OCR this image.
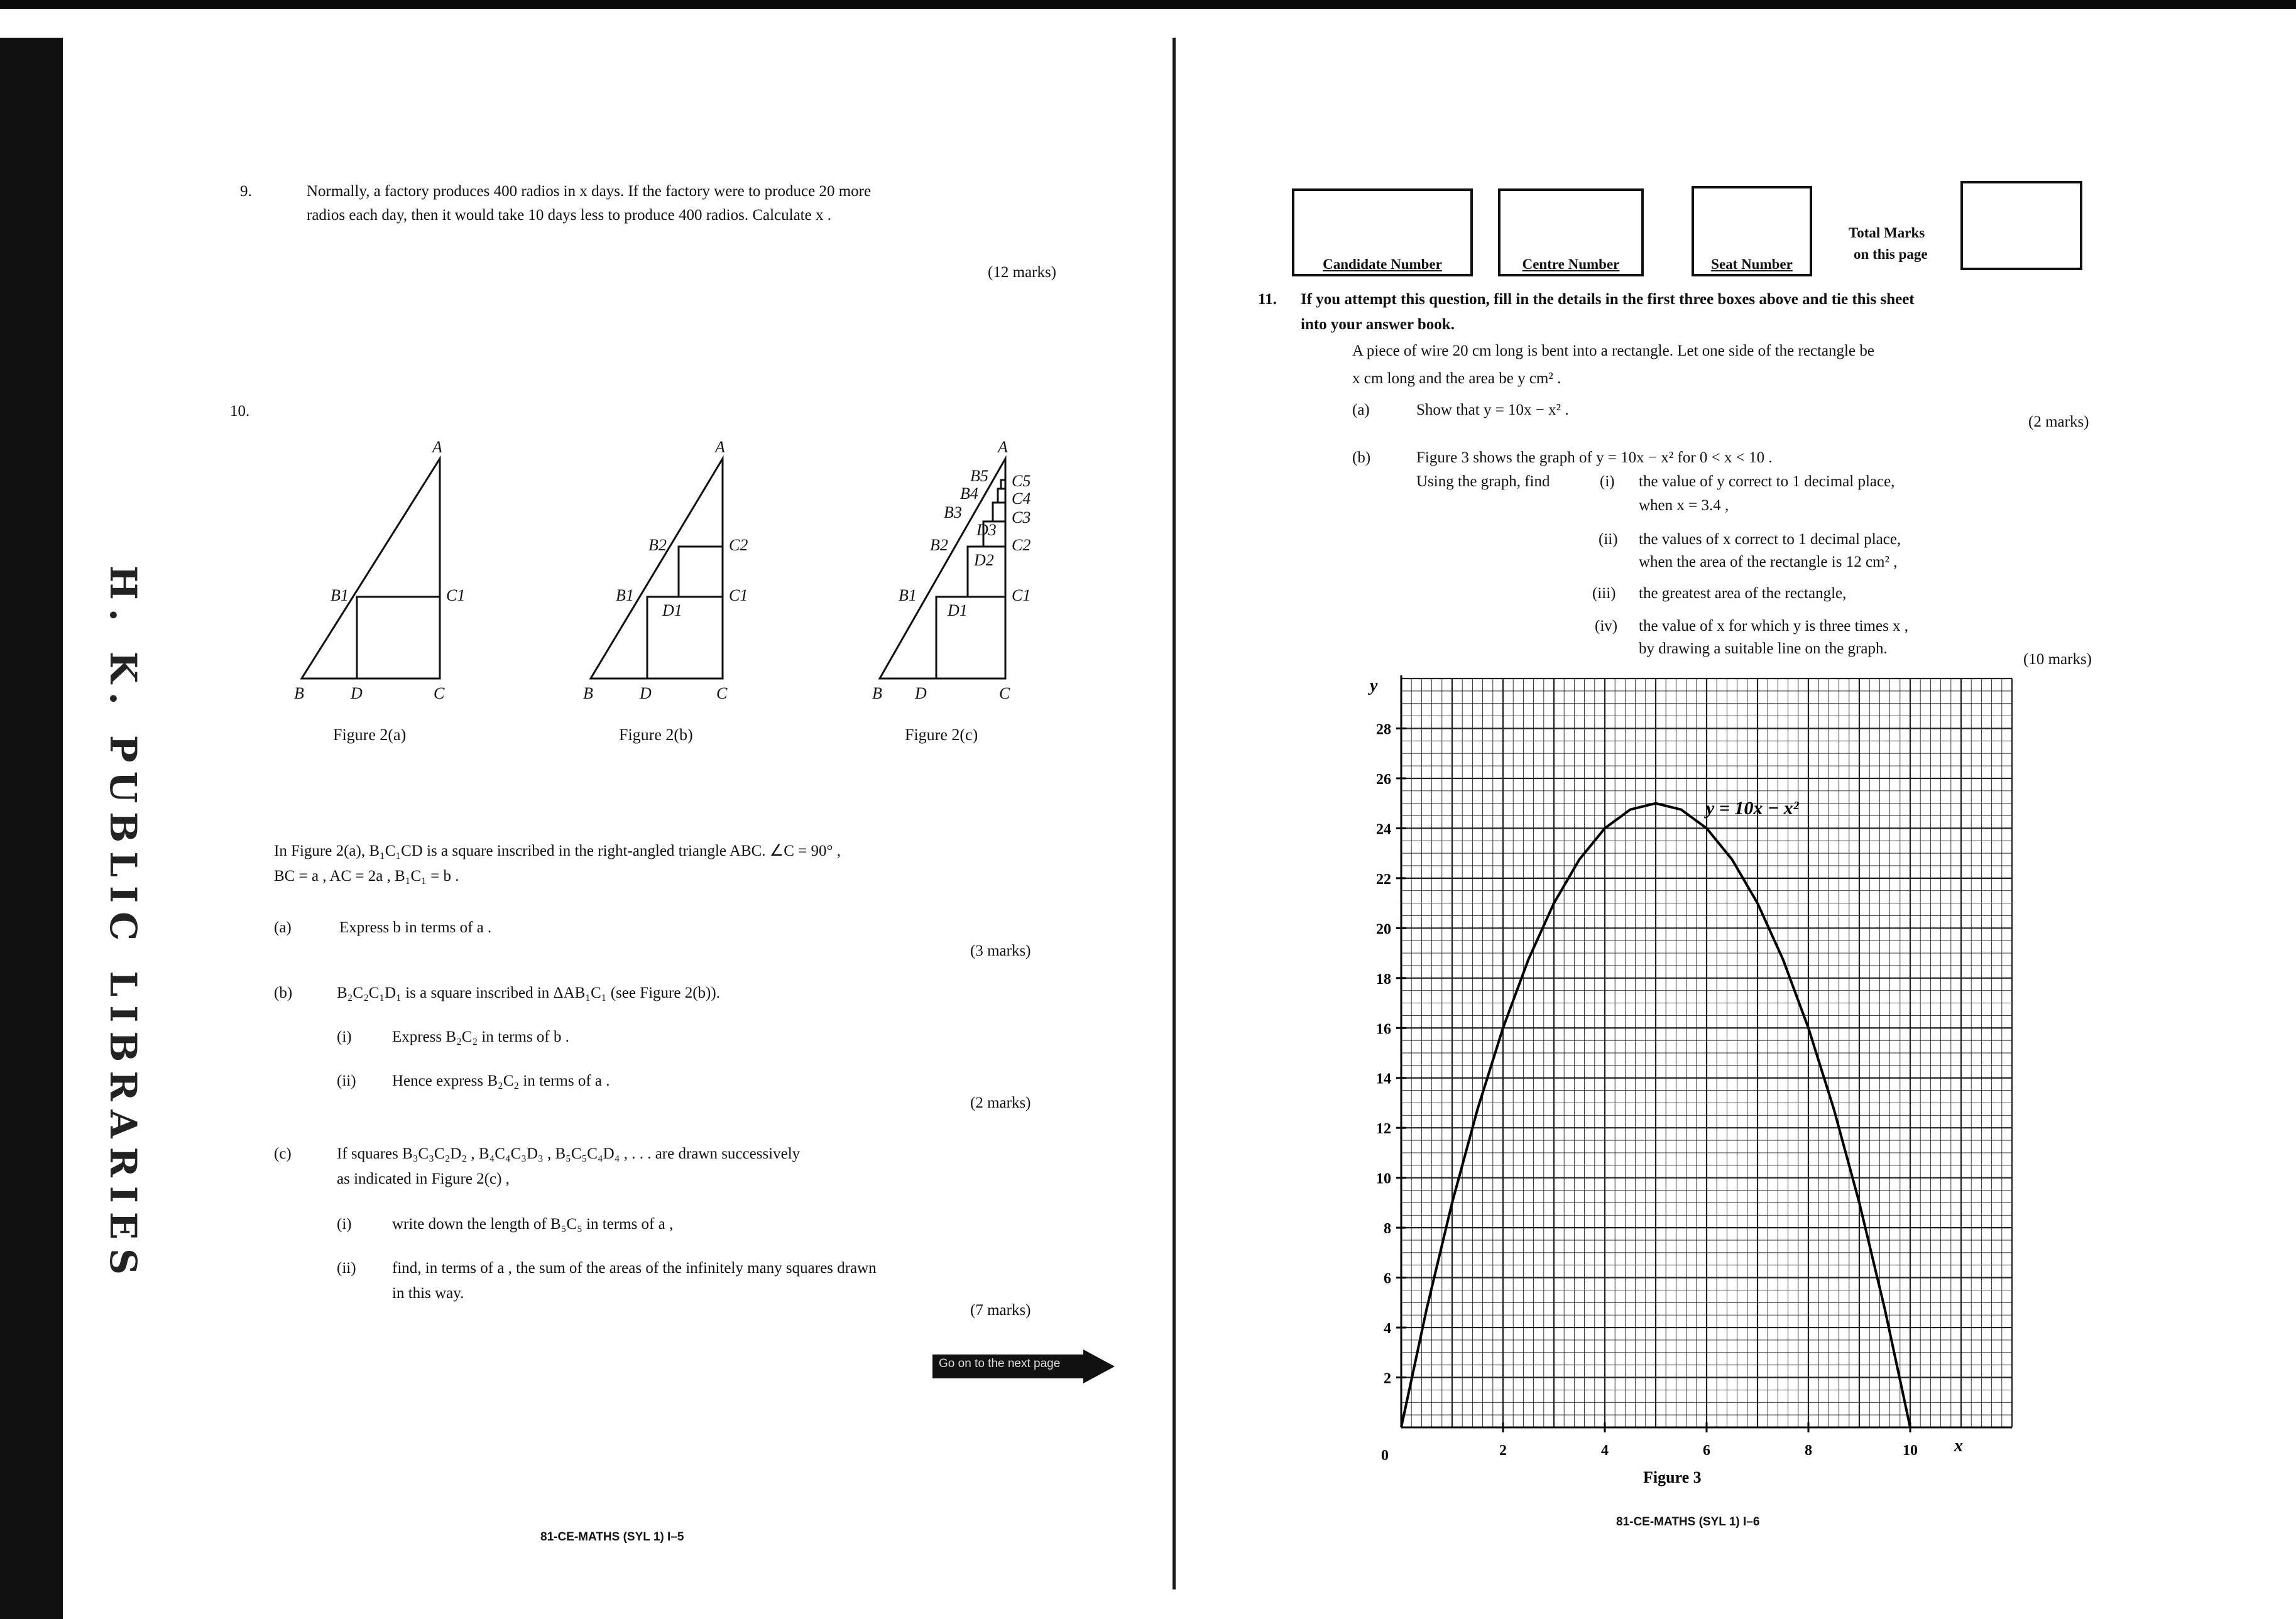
H. K. PUBLIC LIBRARIES
9.	Normally, a factory produces 400 radios in x days. If the factory were to produce 20 more
radios each day, then it would take 10 days less to produce 400 radios. Calculate x .
(12 marks)
10.
A
B	C
D
B1	C1
A
B	C
D
B1	C1
B2	C2
D1
A
B	C
D
B1	C1
B2	C2
B3	C3
B4 C4
B5 C5
D1
D2
D3
Figure 2(a)	Figure 2(b)	Figure 2(c)
In Figure 2(a), B₁C₁CD is a square inscribed in the right-angled triangle ABC. ∠C = 90° ,
BC = a , AC = 2a , B₁C₁ = b .
(a)	Express b in terms of a .
(3 marks)
(b)	B₂C₂C₁D₁ is a square inscribed in ΔAB₁C₁ (see Figure 2(b)).
(i)	Express B₂C₂ in terms of b .
(ii) Hence express B₂C₂ in terms of a .
(2 marks)
(c)	If squares B₃C₃C₂D₂ , B₄C₄C₃D₃ , B₅C₅C₄D₄ , . . . are drawn successively
as indicated in Figure 2(c) ,
(i)	write down the length of B₅C₅ in terms of a ,
(ii) find, in terms of a , the sum of the areas of the infinitely many squares drawn
in this way.
(7 marks)
Go on to the next page
81-CE-MATHS (SYL 1) I–5
Candidate Number	Centre Number	Seat Number
Total Marks
on this page
11. If you attempt this question, fill in the details in the first three boxes above and tie this sheet
into your answer book.
A piece of wire 20 cm long is bent into a rectangle. Let one side of the rectangle be
x cm long and the area be y cm² .
(a)	Show that y = 10x − x² .
(2 marks)
(b)	Figure 3 shows the graph of y = 10x − x² for 0 < x < 10 .
Using the graph, find	(i) the value of y correct to 1 decimal place,
when x = 3.4 ,
(ii) the values of x correct to 1 decimal place,
when the area of the rectangle is 12 cm² ,
(iii) the greatest area of the rectangle,
(iv) the value of x for which y is three times x ,
by drawing a suitable line on the graph.
(10 marks)
2
4
6
8
10
12
14
16
18
20
22
24
26
28
2	4	6	8	10
y
x
0
y = 10x − x²
Figure 3
81-CE-MATHS (SYL 1) I–6
